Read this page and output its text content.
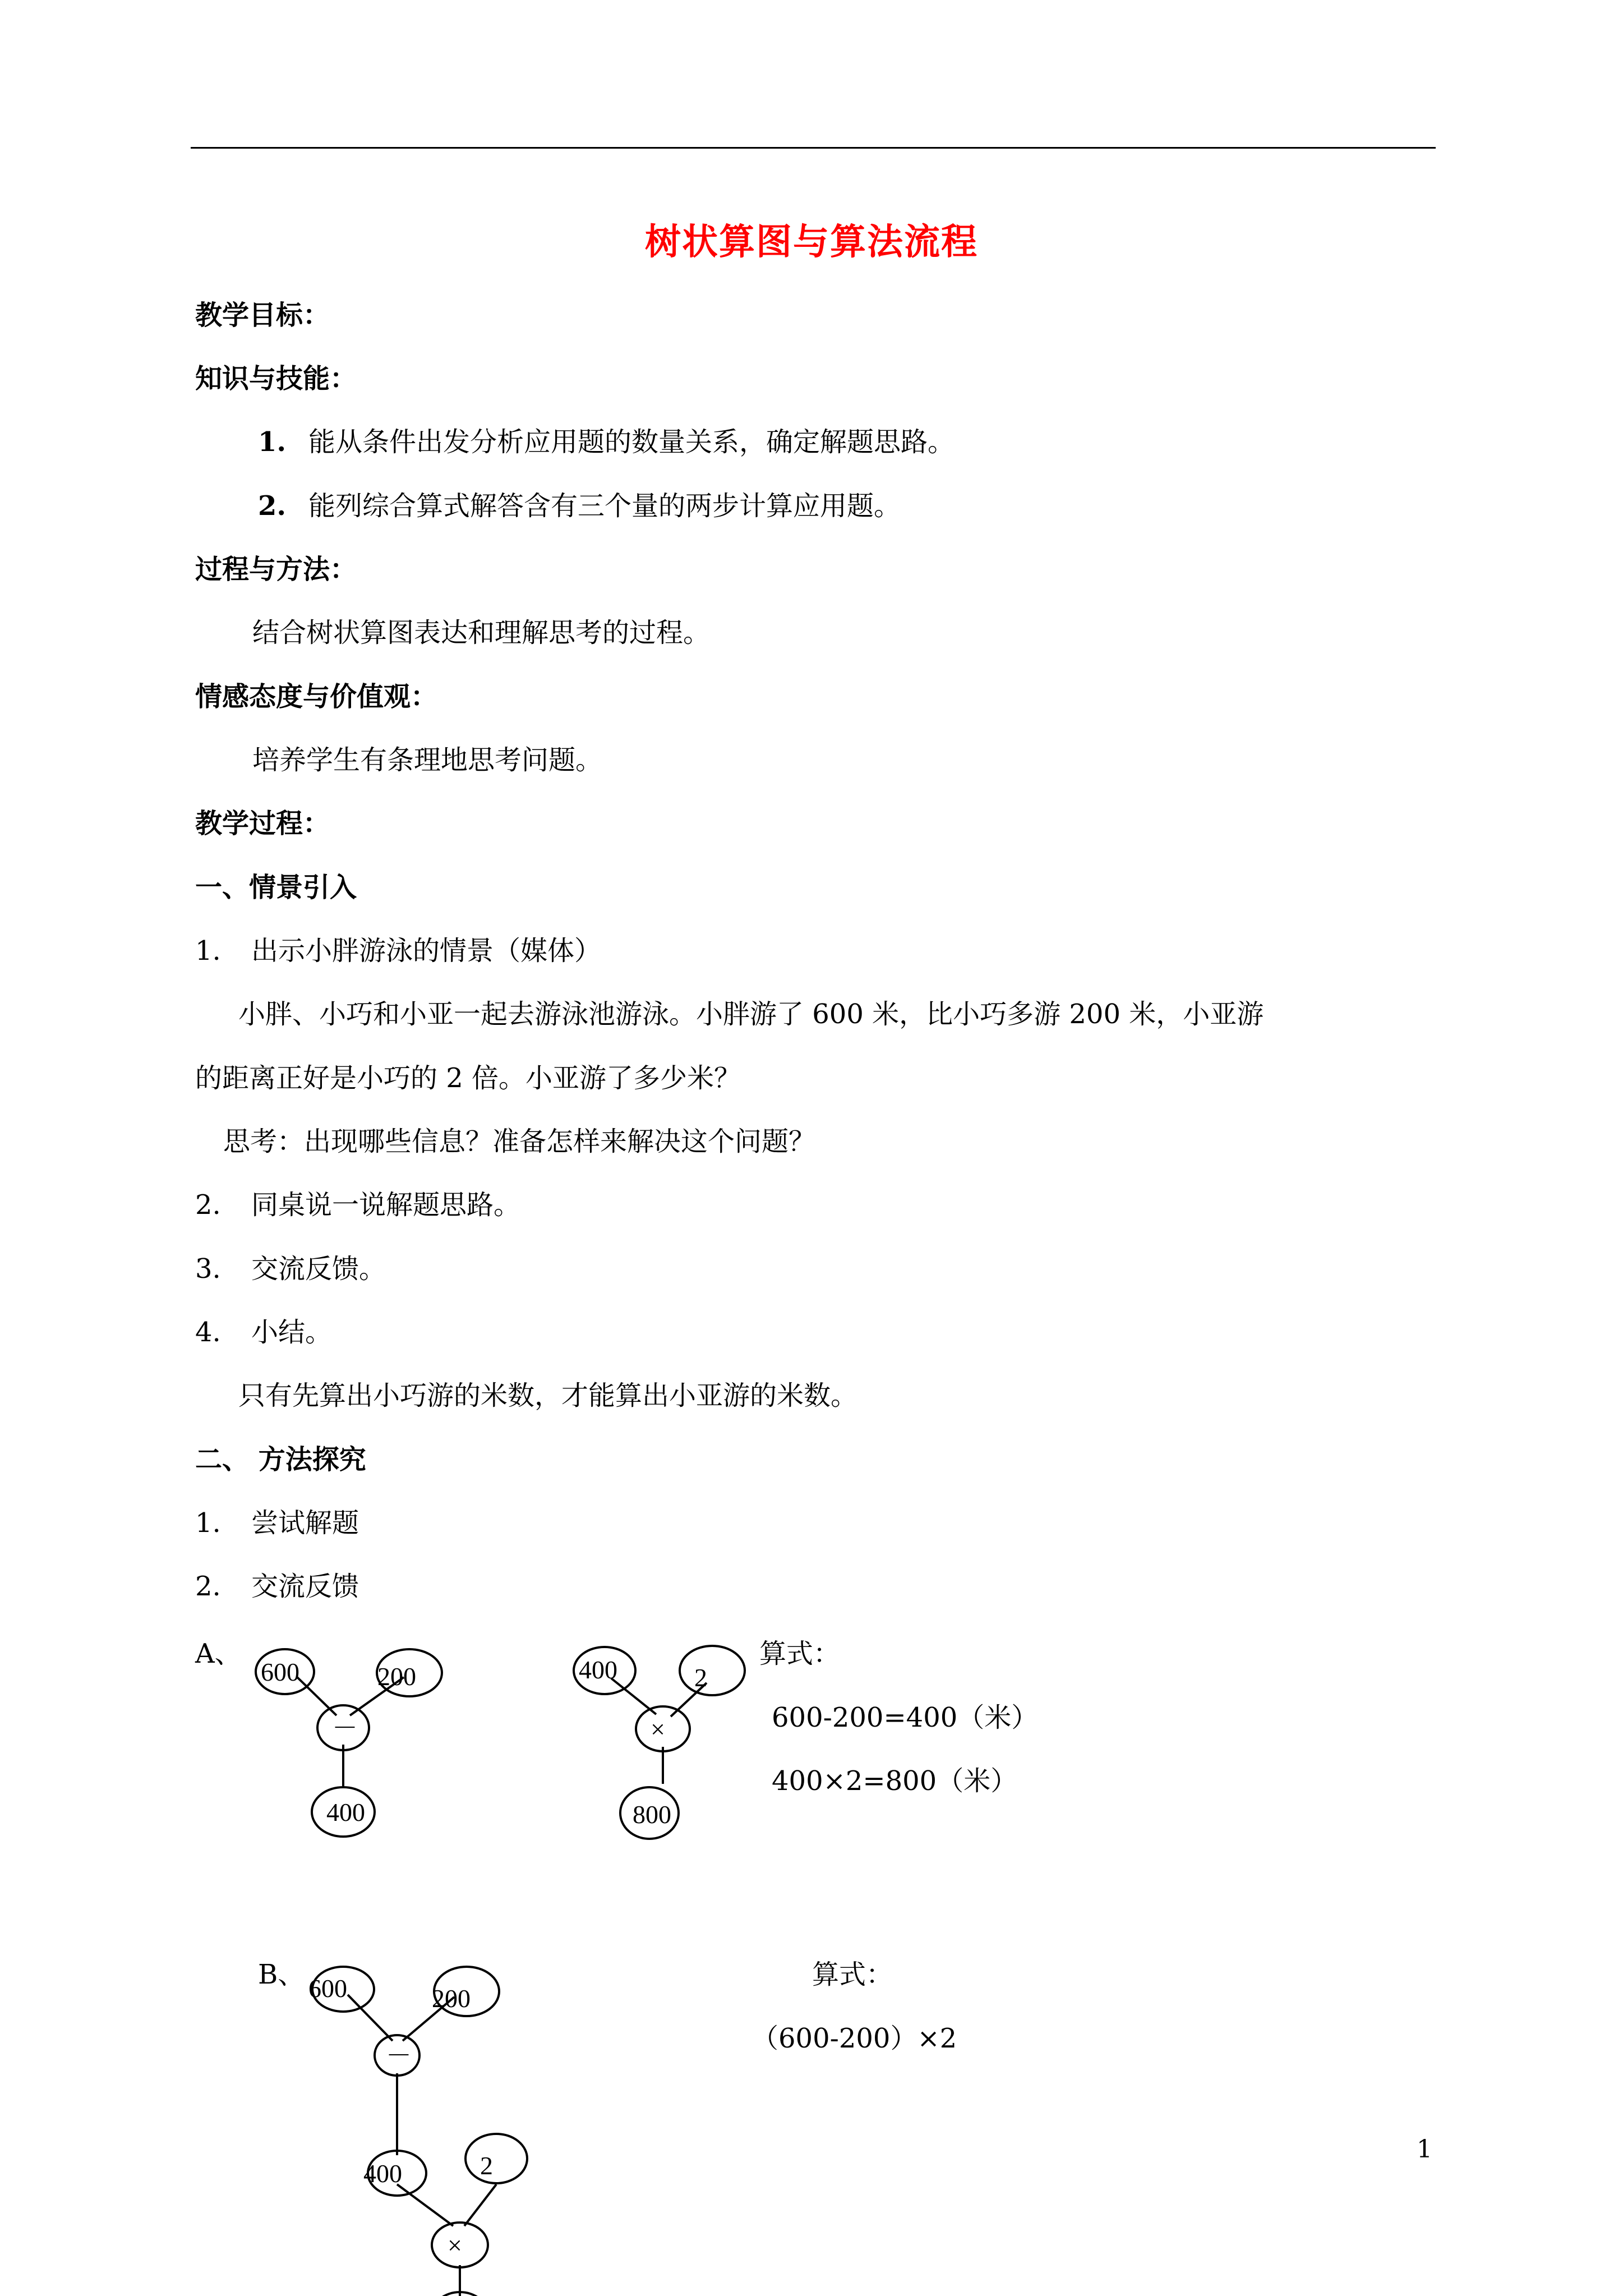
树状算图与算法流程
教学目标：
知识与技能：
1. 能从条件出发分析应用题的数量关系，确定解题思路。
2. 能列综合算式解答含有三个量的两步计算应用题。
过程与方法：
结合树状算图表达和理解思考的过程。
情感态度与价值观：
培养学生有条理地思考问题。
教学过程：
一、情景引入
1. 出示小胖游泳的情景（媒体）
小胖、小巧和小亚一起去游泳池游泳。小胖游了 600 米，比小巧多游 200 米，小亚游
的距离正好是小巧的 2 倍。小亚游了多少米？
思考：出现哪些信息？准备怎样来解决这个问题？
2. 同桌说一说解题思路。
3. 交流反馈。
4. 小结。
只有先算出小巧游的米数，才能算出小亚游的米数。
二、 方法探究
1. 尝试解题
2. 交流反馈
A、
600	200
－
400
400	2
×
800
算式：
600-200=400（米）
400×2=800（米）
B、 600	200
－
400	2
×
算式：
（600-200）×2
1
